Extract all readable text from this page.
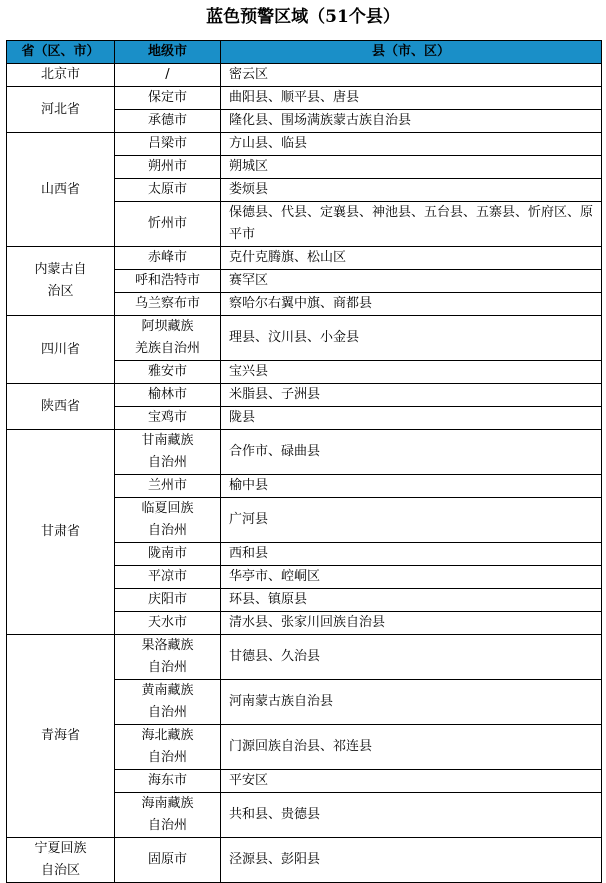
蓝色预警区域（51个县）
省（区、市）	地级市	县（市、区）
北京市	/	密云区
河北省	保定市	曲阳县、顺平县、唐县
	承德市	隆化县、围场满族蒙古族自治县
山西省	吕梁市	方山县、临县
	朔州市	朔城区
	太原市	娄烦县
	忻州市	保德县、代县、定襄县、神池县、五台县、五寨县、忻府区、原平市
内蒙古自
治区	赤峰市	克什克腾旗、松山区
	呼和浩特市	赛罕区
	乌兰察布市	察哈尔右翼中旗、商都县
四川省	阿坝藏族
羌族自治州	理县、汶川县、小金县
	雅安市	宝兴县
陕西省	榆林市	米脂县、子洲县
	宝鸡市	陇县
甘肃省	甘南藏族
自治州	合作市、碌曲县
	兰州市	榆中县
	临夏回族
自治州	广河县
	陇南市	西和县
	平凉市	华亭市、崆峒区
	庆阳市	环县、镇原县
	天水市	清水县、张家川回族自治县
青海省	果洛藏族
自治州	甘德县、久治县
	黄南藏族
自治州	河南蒙古族自治县
	海北藏族
自治州	门源回族自治县、祁连县
	海东市	平安区
	海南藏族
自治州	共和县、贵德县
宁夏回族
自治区	固原市	泾源县、彭阳县
